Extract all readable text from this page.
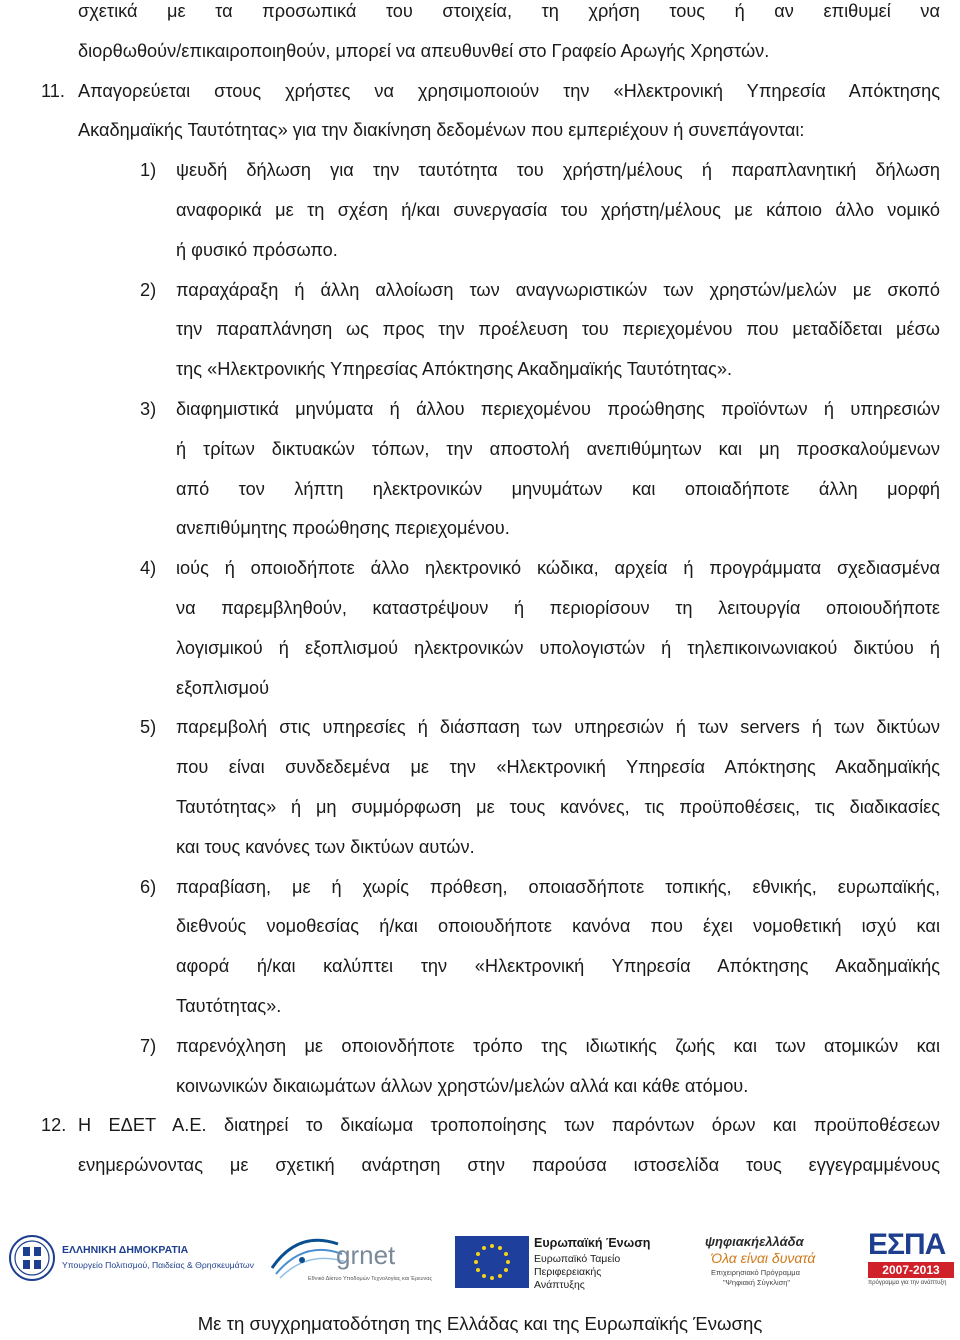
σχετικά με τα προσωπικά του στοιχεία, τη χρήση τους ή αν επιθυμεί να
διορθωθούν/επικαιροποιηθούν, μπορεί να απευθυνθεί στο Γραφείο Αρωγής Χρηστών.
11. Απαγορεύεται στους χρήστες να χρησιμοποιούν την «Ηλεκτρονική Υπηρεσία Απόκτησης
Ακαδημαϊκής Ταυτότητας» για την διακίνηση δεδομένων που εμπεριέχουν ή συνεπάγονται:
1) ψευδή δήλωση για την ταυτότητα του χρήστη/μέλους ή παραπλανητική δήλωση
αναφορικά με τη σχέση ή/και συνεργασία του χρήστη/μέλους με κάποιο άλλο νομικό
ή φυσικό πρόσωπο.
2) παραχάραξη ή άλλη αλλοίωση των αναγνωριστικών των χρηστών/μελών με σκοπό
την παραπλάνηση ως προς την προέλευση του περιεχομένου που μεταδίδεται μέσω
της «Ηλεκτρονικής Υπηρεσίας Απόκτησης Ακαδημαϊκής Ταυτότητας».
3) διαφημιστικά μηνύματα ή άλλου περιεχομένου προώθησης προϊόντων ή υπηρεσιών
ή τρίτων δικτυακών τόπων, την αποστολή ανεπιθύμητων και μη προσκαλούμενων
από τον λήπτη ηλεκτρονικών μηνυμάτων και οποιαδήποτε άλλη μορφή
ανεπιθύμητης προώθησης περιεχομένου.
4) ιούς ή οποιοδήποτε άλλο ηλεκτρονικό κώδικα, αρχεία ή προγράμματα σχεδιασμένα
να παρεμβληθούν, καταστρέψουν ή περιορίσουν τη λειτουργία οποιουδήποτε
λογισμικού ή εξοπλισμού ηλεκτρονικών υπολογιστών ή τηλεπικοινωνιακού δικτύου ή
εξοπλισμού
5) παρεμβολή στις υπηρεσίες ή διάσπαση των υπηρεσιών ή των servers ή των δικτύων
που είναι συνδεδεμένα με την «Ηλεκτρονική Υπηρεσία Απόκτησης Ακαδημαϊκής
Ταυτότητας» ή μη συμμόρφωση με τους κανόνες, τις προϋποθέσεις, τις διαδικασίες
και τους κανόνες των δικτύων αυτών.
6) παραβίαση, με ή χωρίς πρόθεση, οποιασδήποτε τοπικής, εθνικής, ευρωπαϊκής,
διεθνούς νομοθεσίας ή/και οποιουδήποτε κανόνα που έχει νομοθετική ισχύ και
αφορά ή/και καλύπτει την «Ηλεκτρονική Υπηρεσία Απόκτησης Ακαδημαϊκής
Ταυτότητας».
7) παρενόχληση με οποιονδήποτε τρόπο της ιδιωτικής ζωής και των ατομικών και
κοινωνικών δικαιωμάτων άλλων χρηστών/μελών αλλά και κάθε ατόμου.
12. Η ΕΔΕΤ Α.Ε. διατηρεί το δικαίωμα τροποποίησης των παρόντων όρων και προϋποθέσεων
ενημερώνοντας με σχετική ανάρτηση στην παρούσα ιστοσελίδα τους εγγεγραμμένους
ΕΛΛΗΝΙΚΗ ΔΗΜΟΚΡΑΤΙΑ
Υπουργείο Πολιτισμού, Παιδείας & Θρησκευμάτων	grnet
Εθνικό Δίκτυο Υποδομών Τεχνολογίας και Έρευνας
Ευρωπαϊκή Ένωση
Ευρωπαϊκό Ταμείο
Περιφερειακής
Ανάπτυξης
ψηφιακήελλάδα
Όλα είναι δυνατά
Επιχειρησιακό Πρόγραμμα
"Ψηφιακή Σύγκλιση"
ΕΣΠΑ
2007-2013
πρόγραμμα για την ανάπτυξη
Με τη συγχρηματοδότηση της Ελλάδας και της Ευρωπαϊκής Ένωσης
